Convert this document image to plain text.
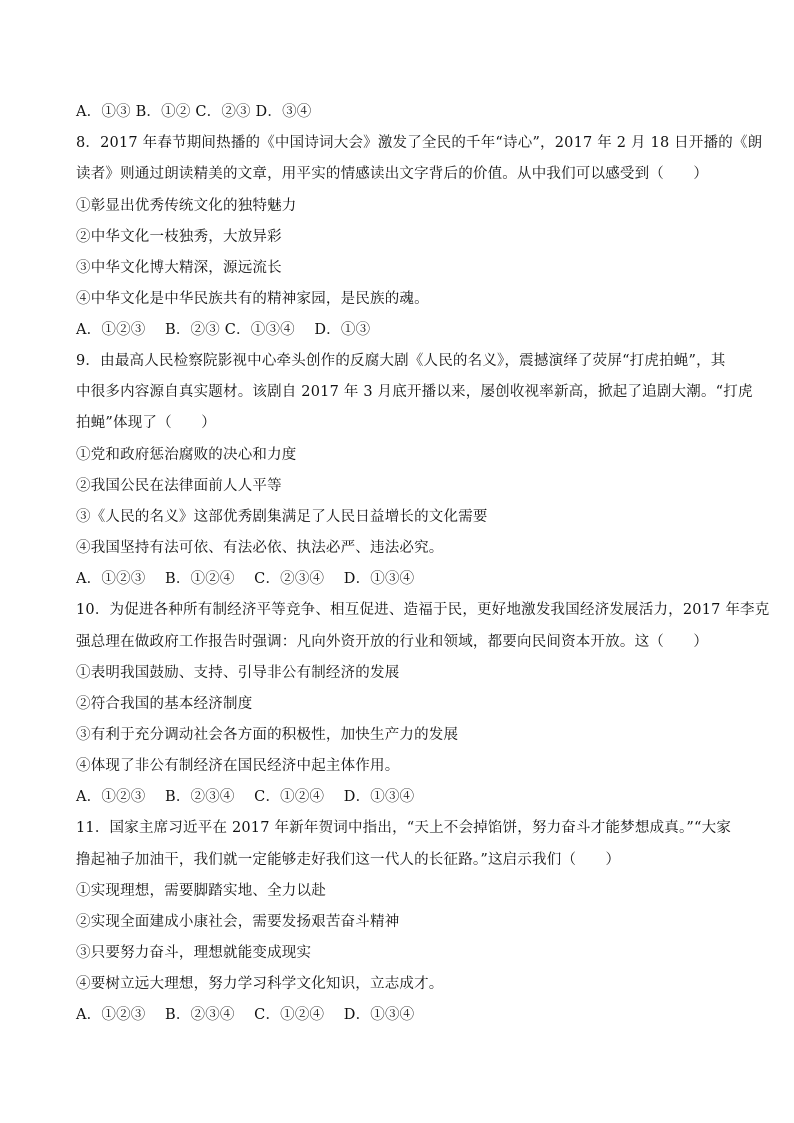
A．①③ B．①② C．②③ D．③④
8．2017 年春节期间热播的《中国诗词大会》激发了全民的千年“诗心”，2017 年 2 月 18 日开播的《朗
读者》则通过朗读精美的文章，用平实的情感读出文字背后的价值。从中我们可以感受到（　　）
①彰显出优秀传统文化的独特魅力
②中华文化一枝独秀，大放异彩
③中华文化博大精深，源远流长
④中华文化是中华民族共有的精神家园，是民族的魂。
A．①②③　 B．②③ C．①③④　 D．①③
9．由最高人民检察院影视中心牵头创作的反腐大剧《人民的名义》，震撼演绎了荧屏“打虎拍蝇”，其
中很多内容源自真实题材。该剧自 2017 年 3 月底开播以来，屡创收视率新高，掀起了追剧大潮。“打虎
拍蝇”体现了（　　）
①党和政府惩治腐败的决心和力度
②我国公民在法律面前人人平等
③《人民的名义》这部优秀剧集满足了人民日益增长的文化需要
④我国坚持有法可依、有法必依、执法必严、违法必究。
A．①②③　 B．①②④　 C．②③④　 D．①③④
10．为促进各种所有制经济平等竞争、相互促进、造福于民，更好地激发我国经济发展活力，2017 年李克
强总理在做政府工作报告时强调：凡向外资开放的行业和领域，都要向民间资本开放。这（　　）
①表明我国鼓励、支持、引导非公有制经济的发展
②符合我国的基本经济制度
③有利于充分调动社会各方面的积极性，加快生产力的发展
④体现了非公有制经济在国民经济中起主体作用。
A．①②③　 B．②③④　 C．①②④　 D．①③④
11．国家主席习近平在 2017 年新年贺词中指出，“天上不会掉馅饼，努力奋斗才能梦想成真。”“大家
撸起袖子加油干，我们就一定能够走好我们这一代人的长征路。”这启示我们（　　）
①实现理想，需要脚踏实地、全力以赴
②实现全面建成小康社会，需要发扬艰苦奋斗精神
③只要努力奋斗，理想就能变成现实
④要树立远大理想，努力学习科学文化知识，立志成才。
A．①②③　 B．②③④　 C．①②④　 D．①③④
